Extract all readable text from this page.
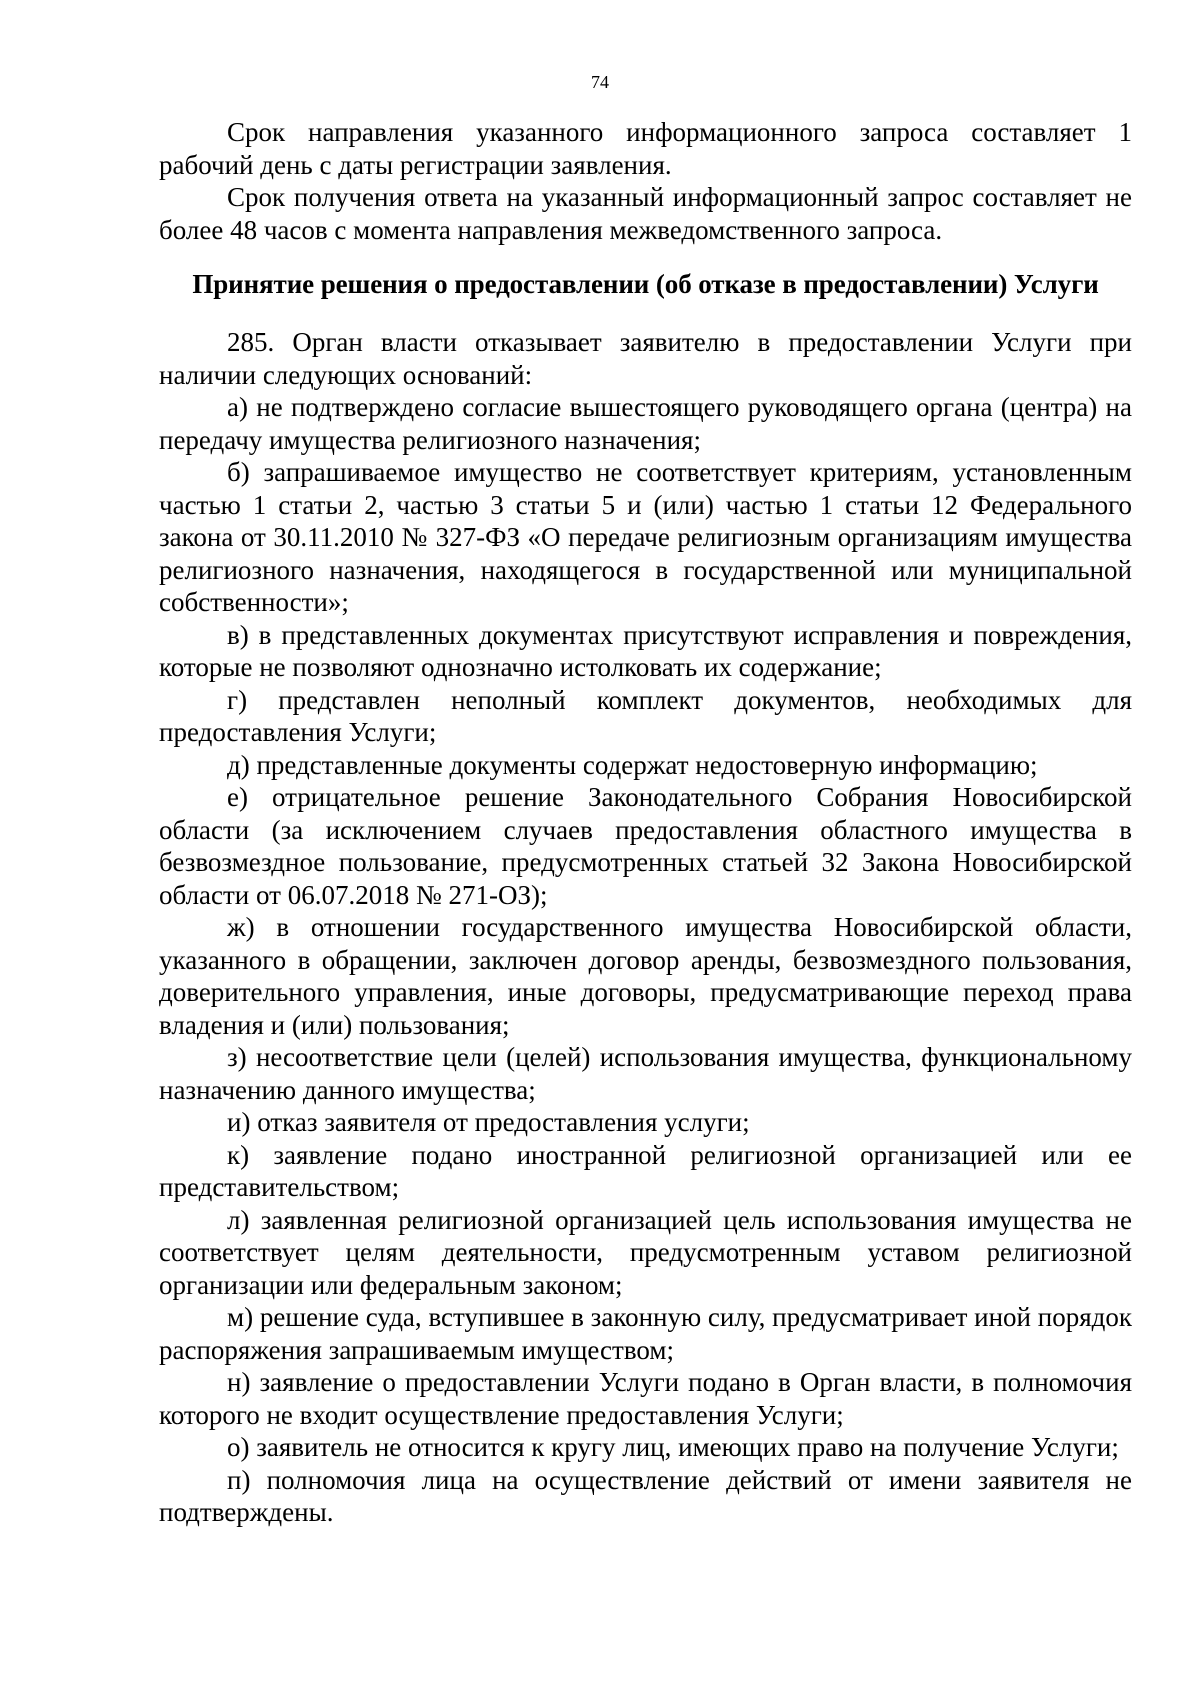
74

Срок направления указанного информационного запроса составляет 1 рабочий день с даты регистрации заявления.

Срок получения ответа на указанный информационный запрос составляет не более 48 часов с момента направления межведомственного запроса.

Принятие решения о предоставлении (об отказе в предоставлении) Услуги

285. Орган власти отказывает заявителю в предоставлении Услуги при наличии следующих оснований:

а) не подтверждено согласие вышестоящего руководящего органа (центра) на передачу имущества религиозного назначения;

б) запрашиваемое имущество не соответствует критериям, установленным частью 1 статьи 2, частью 3 статьи 5 и (или) частью 1 статьи 12 Федерального закона от 30.11.2010 № 327-ФЗ «О передаче религиозным организациям имущества религиозного назначения, находящегося в государственной или муниципальной собственности»;

в) в представленных документах присутствуют исправления и повреждения, которые не позволяют однозначно истолковать их содержание;

г) представлен неполный комплект документов, необходимых для предоставления Услуги;

д) представленные документы содержат недостоверную информацию;

е) отрицательное решение Законодательного Собрания Новосибирской области (за исключением случаев предоставления областного имущества в безвозмездное пользование, предусмотренных статьей 32 Закона Новосибирской области от 06.07.2018 № 271-ОЗ);

ж) в отношении государственного имущества Новосибирской области, указанного в обращении, заключен договор аренды, безвозмездного пользования, доверительного управления, иные договоры, предусматривающие переход права владения и (или) пользования;

з) несоответствие цели (целей) использования имущества, функциональному назначению данного имущества;

и) отказ заявителя от предоставления услуги;

к) заявление подано иностранной религиозной организацией или ее представительством;

л) заявленная религиозной организацией цель использования имущества не соответствует целям деятельности, предусмотренным уставом религиозной организации или федеральным законом;

м) решение суда, вступившее в законную силу, предусматривает иной порядок распоряжения запрашиваемым имуществом;

н) заявление о предоставлении Услуги подано в Орган власти, в полномочия которого не входит осуществление предоставления Услуги;

о) заявитель не относится к кругу лиц, имеющих право на получение Услуги;

п) полномочия лица на осуществление действий от имени заявителя не подтверждены.
